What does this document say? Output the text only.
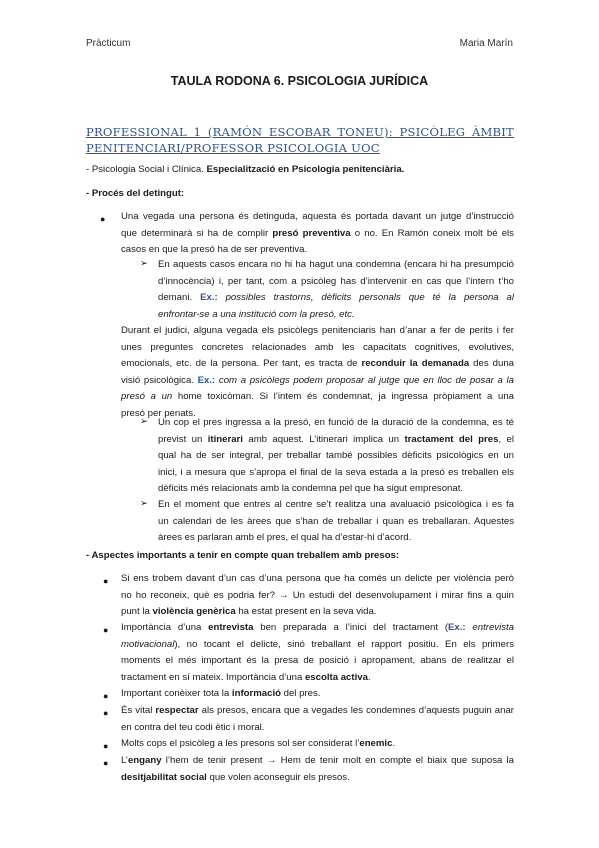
Pràcticum	Maria Marín
TAULA RODONA 6. PSICOLOGIA JURÍDICA
PROFESSIONAL 1 (RAMÓN ESCOBAR TONEU): PSICÒLEG ÀMBIT
PENITENCIARI/PROFESSOR PSICOLOGIA UOC
- Psicologia Social i Clínica. Especialització en Psicologia penitenciària.
- Procés del detingut:
● Una vegada una persona és detinguda, aquesta és portada davant un jutge d’instrucció
que determinarà si ha de complir presó preventiva o no. En Ramón coneix molt bé els
casos en que la presó ha de ser preventiva.
➢ En aquests casos encara no hi ha hagut una condemna (encara hi ha presumpció
d’innocència) i, per tant, com a psicòleg has d’intervenir en cas que l’intern t’ho
demani. Ex.: possibles trastorns, dèficits personals que té la persona al
enfrontar-se a una institució com la presó, etc.
Durant el judici, alguna vegada els psicòlegs penitenciaris han d’anar a fer de perits i fer
unes preguntes concretes relacionades amb les capacitats cognitives, evolutives,
emocionals, etc. de la persona. Per tant, es tracta de reconduir la demanada des duna
visió psicològica. Ex.: com a psicòlegs podem proposar al jutge que en lloc de posar a la
presó a un home toxicòman. Si l’intem és condemnat, ja ingressa pròpiament a una
presó per penats.
➢ Un cop el pres ingressa a la presó, en funció de la duració de la condemna, es té
previst un itinerari amb aquest. L’itinerari implica un tractament del pres, el
qual ha de ser integral, per treballar també possibles dèficits psicològics en un
inici, i a mesura que s’apropa el final de la seva estada a la presó es treballen els
dèficits més relacionats amb la condemna pel que ha sigut empresonat.
➢ En el moment que entres al centre se’t realitza una avaluació psicològica i es fa
un calendari de les àrees que s’han de treballar i quan es treballaran. Aquestes
àrees es parlaran amb el pres, el qual ha d’estar-hi d’acord.
- Aspectes importants a tenir en compte quan treballem amb presos:
● Si ens trobem davant d’un cas d’una persona que ha comés un delicte per violència però
no ho reconeix, què es podria fer? → Un estudi del desenvolupament i mirar fins a quin
punt la violència genèrica ha estat present en la seva vida.
● Importància d’una entrevista ben preparada a l’inici del tractament (Ex.: entrevista
motivacional), no tocant el delicte, sinó treballant el rapport positiu. En els primers
moments el més important és la presa de posició i apropament, abans de realitzar el
tractament en sí mateix. Importància d’una escolta activa.
● Important conèixer tota la informació del pres.
● És vital respectar als presos, encara que a vegades les condemnes d’aquests puguin anar
en contra del teu codi ètic i moral.
● Molts cops el psicòleg a les presons sol ser considerat l’enemic.
● L’engany l’hem de tenir present → Hem de tenir molt en compte el biaix que suposa la
desitjabilitat social que volen aconseguir els presos.
